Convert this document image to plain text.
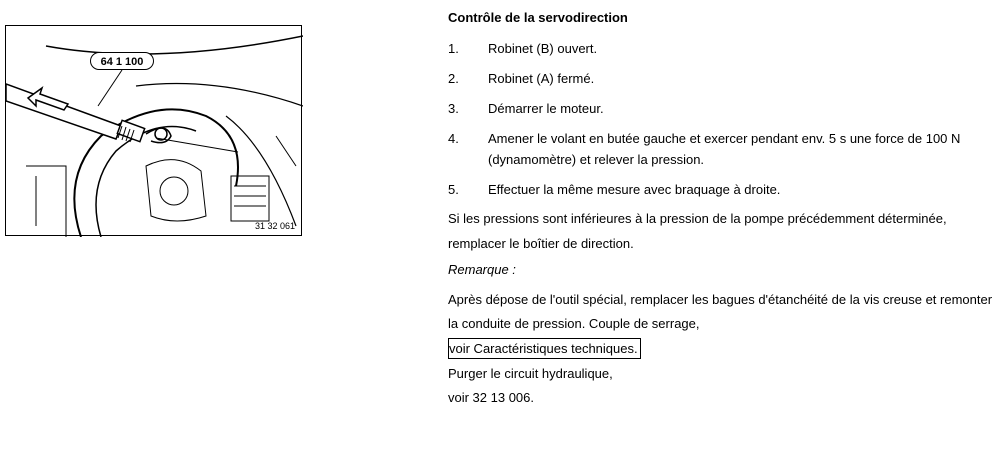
64 1 100
31 32 061
Contrôle de la servodirection
1. Robinet (B) ouvert.
2. Robinet (A) fermé.
3. Démarrer le moteur.
4. Amener le volant en butée gauche et exercer pendant env. 5 s une force de 100 N (dynamomètre) et relever la pression.
5. Effectuer la même mesure avec braquage à droite.
Si les pressions sont inférieures à la pression de la pompe précédemment déterminée, remplacer le boîtier de direction.
Remarque :
Après dépose de l'outil spécial, remplacer les bagues d'étanchéité de la vis creuse et remonter la conduite de pression. Couple de serrage,
voir Caractéristiques techniques.
Purger le circuit hydraulique,
voir 32 13 006.
